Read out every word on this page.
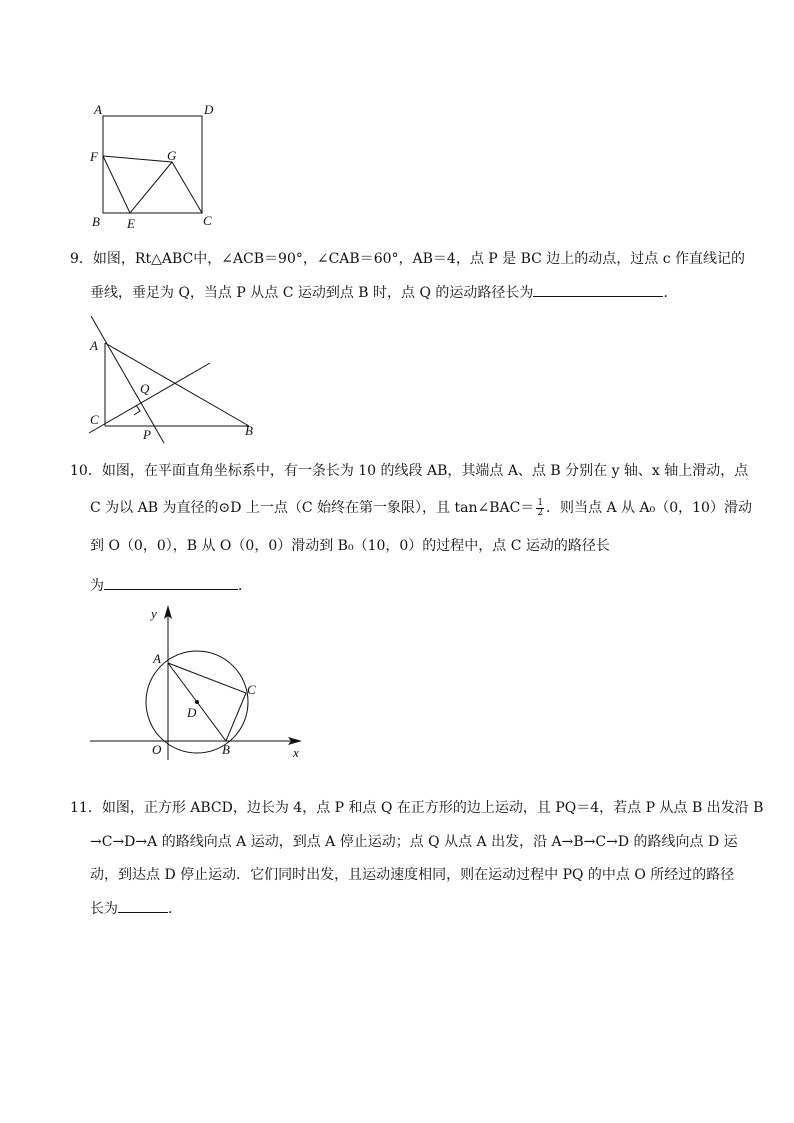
A	D
F	G
B E	C
9．如图，Rt△ABC中，∠ACB＝90°，∠CAB＝60°，AB＝4，点 P 是 BC 边上的动点，过点 c 作直线记的
垂线，垂足为 Q，当点 P 从点 C 运动到点 B 时，点 Q 的运动路径长为	．
A
C
Q
P	B
10．如图，在平面直角坐标系中，有一条长为 10 的线段 AB，其端点 A、点 B 分别在 y 轴、x 轴上滑动，点
C 为以 AB 为直径的⊙D 上一点（C 始终在第一象限），且 tan∠BAC＝ $\frac{1}{2}$ ．则当点 A 从 A₀（0，10）滑动
到 O（0，0），B 从 O（0，0）滑动到 B₀（10，0）的过程中，点 C 运动的路径长
为	．
y
x
A
C
D
O	B
11．如图，正方形 ABCD，边长为 4，点 P 和点 Q 在正方形的边上运动，且 PQ＝4，若点 P 从点 B 出发沿 B
→C→D→A 的路线向点 A 运动，到点 A 停止运动；点 Q 从点 A 出发，沿 A→B→C→D 的路线向点 D 运
动，到达点 D 停止运动．它们同时出发，且运动速度相同，则在运动过程中 PQ 的中点 O 所经过的路径
长为	．
